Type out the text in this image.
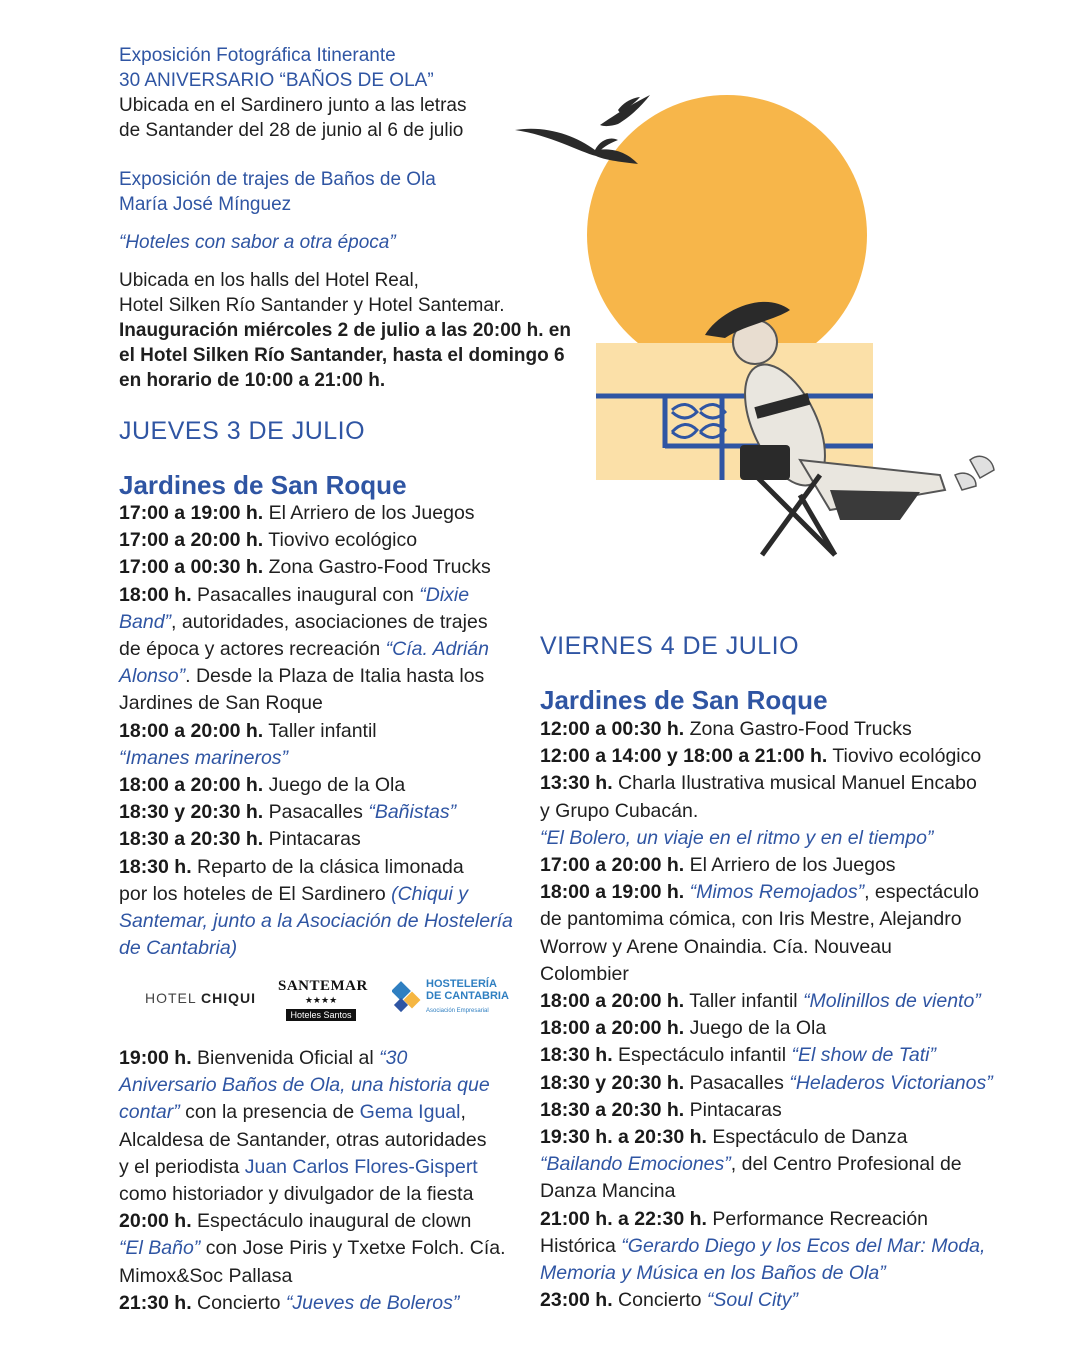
Exposición Fotográfica Itinerante
30 ANIVERSARIO “BAÑOS DE OLA”
Ubicada en el Sardinero junto a las letras
de Santander del 28 de junio al 6 de julio
Exposición de trajes de Baños de Ola
María José Mínguez
“Hoteles con sabor a otra época”
Ubicada en los halls del Hotel Real,
Hotel Silken Río Santander y Hotel Santemar.
Inauguración miércoles 2 de julio a las 20:00 h. en
el Hotel Silken Río Santander, hasta el domingo 6
en horario de 10:00 a 21:00 h.
JUEVES 3 DE JULIO
Jardines de San Roque
17:00 a 19:00 h. El Arriero de los Juegos
17:00 a 20:00 h. Tiovivo ecológico
17:00 a 00:30 h. Zona Gastro-Food Trucks
18:00 h. Pasacalles inaugural con “Dixie
Band”, autoridades, asociaciones de trajes
de época y actores recreación “Cía. Adrián
Alonso”. Desde la Plaza de Italia hasta los
Jardines de San Roque
18:00 a 20:00 h. Taller infantil
“Imanes marineros”
18:00 a 20:00 h. Juego de la Ola
18:30 y 20:30 h. Pasacalles “Bañistas”
18:30 a 20:30 h. Pintacaras
18:30 h. Reparto de la clásica limonada
por los hoteles de El Sardinero (Chiqui y
Santemar, junto a la Asociación de Hostelería
de Cantabria)
HOTEL CHIQUI
SANTEMAR
★★★★
Hoteles Santos
HOSTELERÍA
DE CANTABRIA
Asociación Empresarial
19:00 h. Bienvenida Oficial al “30
Aniversario Baños de Ola, una historia que
contar” con la presencia de Gema Igual,
Alcaldesa de Santander, otras autoridades
y el periodista Juan Carlos Flores-Gispert
como historiador y divulgador de la fiesta
20:00 h. Espectáculo inaugural de clown
“El Baño” con Jose Piris y Txetxe Folch. Cía.
Mimox&Soc Pallasa
21:30 h. Concierto “Jueves de Boleros”
VIERNES 4 DE JULIO
Jardines de San Roque
12:00 a 00:30 h. Zona Gastro-Food Trucks
12:00 a 14:00 y 18:00 a 21:00 h. Tiovivo ecológico
13:30 h. Charla Ilustrativa musical Manuel Encabo
y Grupo Cubacán.
“El Bolero, un viaje en el ritmo y en el tiempo”
17:00 a 20:00 h. El Arriero de los Juegos
18:00 a 19:00 h. “Mimos Remojados”, espectáculo
de pantomima cómica, con Iris Mestre, Alejandro
Worrow y Arene Onaindia. Cía. Nouveau
Colombier
18:00 a 20:00 h. Taller infantil “Molinillos de viento”
18:00 a 20:00 h. Juego de la Ola
18:30 h. Espectáculo infantil “El show de Tati”
18:30 y 20:30 h. Pasacalles “Heladeros Victorianos”
18:30 a 20:30 h. Pintacaras
19:30 h. a 20:30 h. Espectáculo de Danza
“Bailando Emociones”, del Centro Profesional de
Danza Mancina
21:00 h. a 22:30 h. Performance Recreación
Histórica “Gerardo Diego y los Ecos del Mar: Moda,
Memoria y Música en los Baños de Ola”
23:00 h. Concierto “Soul City”
